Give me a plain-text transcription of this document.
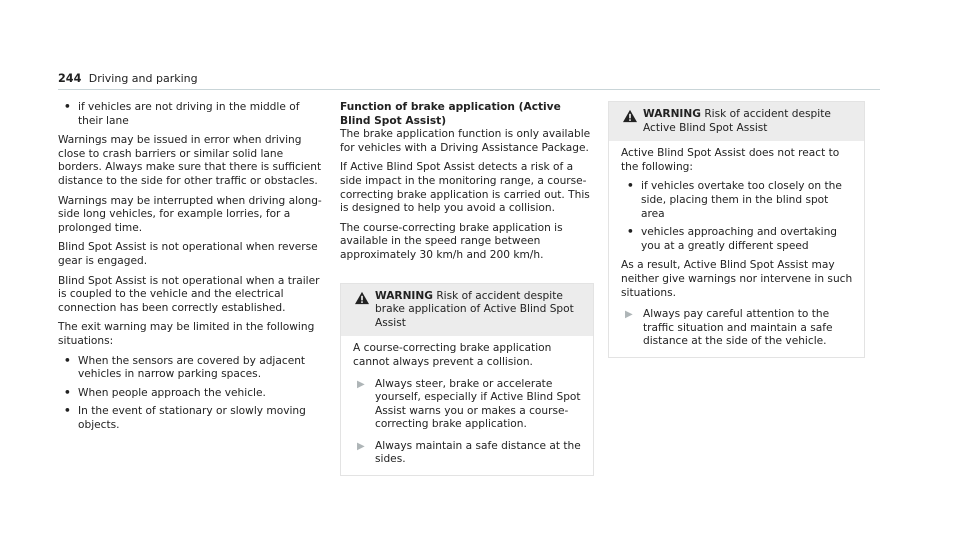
244 Driving and parking
• if vehicles are not driving in the middle of their lane

Warnings may be issued in error when driving close to crash barriers or similar solid lane borders. Always make sure that there is sufficient distance to the side for other traffic or obstacles.

Warnings may be interrupted when driving along-side long vehicles, for example lorries, for a prolonged time.

Blind Spot Assist is not operational when reverse gear is engaged.

Blind Spot Assist is not operational when a trailer is coupled to the vehicle and the electrical connection has been correctly established.

The exit warning may be limited in the following situations:

• When the sensors are covered by adjacent vehicles in narrow parking spaces.
• When people approach the vehicle.
• In the event of stationary or slowly moving objects.

Function of brake application (Active Blind Spot Assist)

The brake application function is only available for vehicles with a Driving Assistance Package.

If Active Blind Spot Assist detects a risk of a side impact in the monitoring range, a course-correcting brake application is carried out. This is designed to help you avoid a collision.

The course-correcting brake application is available in the speed range between approximately 30 km/h and 200 km/h.

WARNING Risk of accident despite brake application of Active Blind Spot Assist

A course-correcting brake application cannot always prevent a collision.

▶ Always steer, brake or accelerate yourself, especially if Active Blind Spot Assist warns you or makes a course-correcting brake application.
▶ Always maintain a safe distance at the sides.
WARNING Risk of accident despite Active Blind Spot Assist

Active Blind Spot Assist does not react to the following:

• if vehicles overtake too closely on the side, placing them in the blind spot area
• vehicles approaching and overtaking you at a greatly different speed

As a result, Active Blind Spot Assist may neither give warnings nor intervene in such situations.

▶ Always pay careful attention to the traffic situation and maintain a safe distance at the side of the vehicle.
